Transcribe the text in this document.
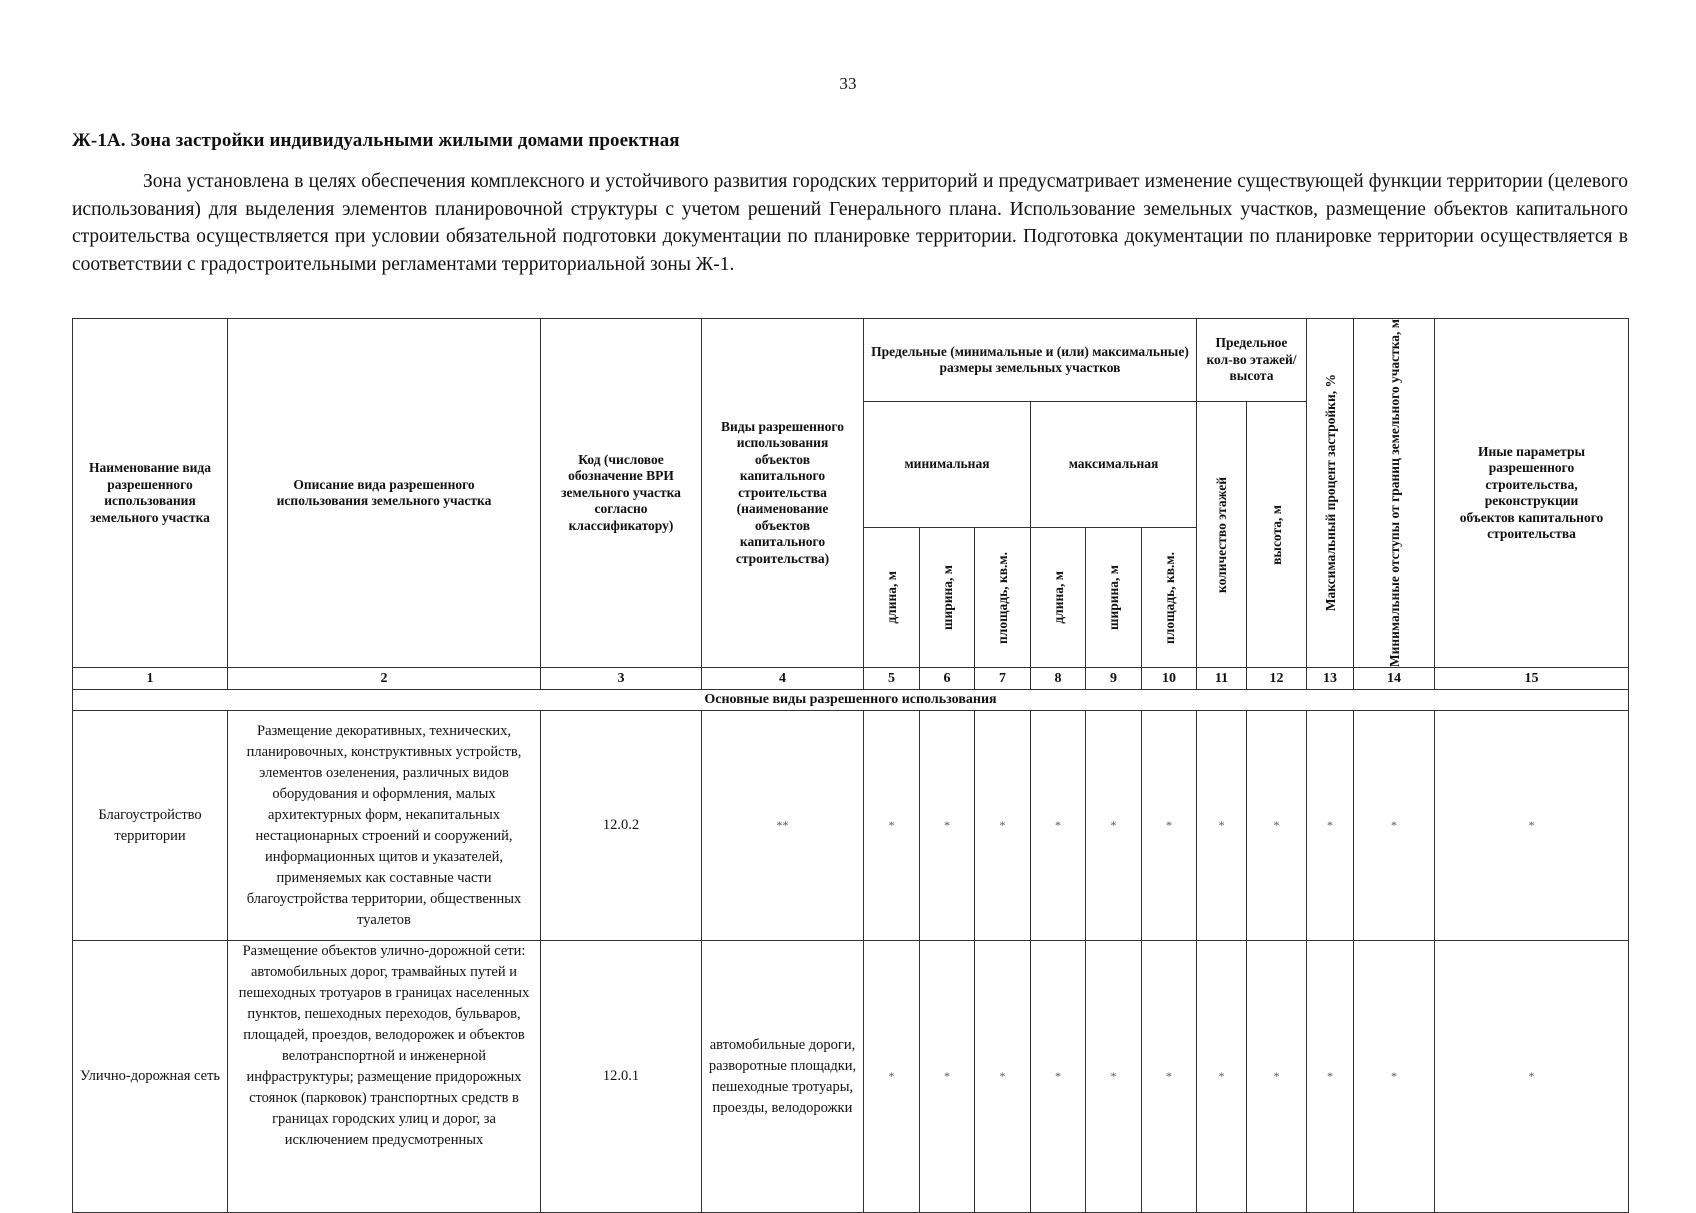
33
Ж-1А. Зона застройки индивидуальными жилыми домами проектная

Зона установлена в целях обеспечения комплексного и устойчивого развития городских территорий и предусматривает изменение существующей функции территории (целевого использования) для выделения элементов планировочной структуры с учетом решений Генерального плана. Использование земельных участков, размещение объектов капитального строительства осуществляется при условии обязательной подготовки документации по планировке территории. Подготовка документации по планировке территории осуществляется в соответствии с градостроительными регламентами территориальной зоны Ж-1.

Наименование вида разрешенного использования земельного участка	Описание вида разрешенного использования земельного участка	Код (числовое обозначение ВРИ земельного участка согласно классификатору)	Виды разрешенного использования объектов капитального строительства (наименование объектов капитального строительства)	Предельные (минимальные и (или) максимальные) размеры земельных участков						Предельное кол-во этажей/ высота		Максимальный процент застройки, %	Минимальные отступы от границ земельного участка, м	Иные параметры разрешенного строительства, реконструкции объектов капитального строительства

				минимальная			максимальная			количество этажей	высота, м			

				длина, м	ширина, м	площадь, кв.м.	длина, м	ширина, м	площадь, кв.м.					

1	2	3	4	5	6	7	8	9	10	11	12	13	14	15
Основные виды разрешенного использования														
Благоустройство территории	Размещение декоративных, технических, планировочных, конструктивных устройств, элементов озеленения, различных видов оборудования и оформления, малых архитектурных форм, некапитальных нестационарных строений и сооружений, информационных щитов и указателей, применяемых как составные части благоустройства территории, общественных туалетов	12.0.2	**	*	*	*	*	*	*	*	*	*	*	*
Улично-дорожная сеть	Размещение объектов улично-дорожной сети: автомобильных дорог, трамвайных путей и пешеходных тротуаров в границах населенных пунктов, пешеходных переходов, бульваров, площадей, проездов, велодорожек и объектов велотранспортной и инженерной инфраструктуры; размещение придорожных стоянок (парковок) транспортных средств в границах городских улиц и дорог, за исключением предусмотренных	12.0.1	автомобильные дороги, разворотные площадки, пешеходные тротуары, проезды, велодорожки	*	*	*	*	*	*	*	*	*	*	*
